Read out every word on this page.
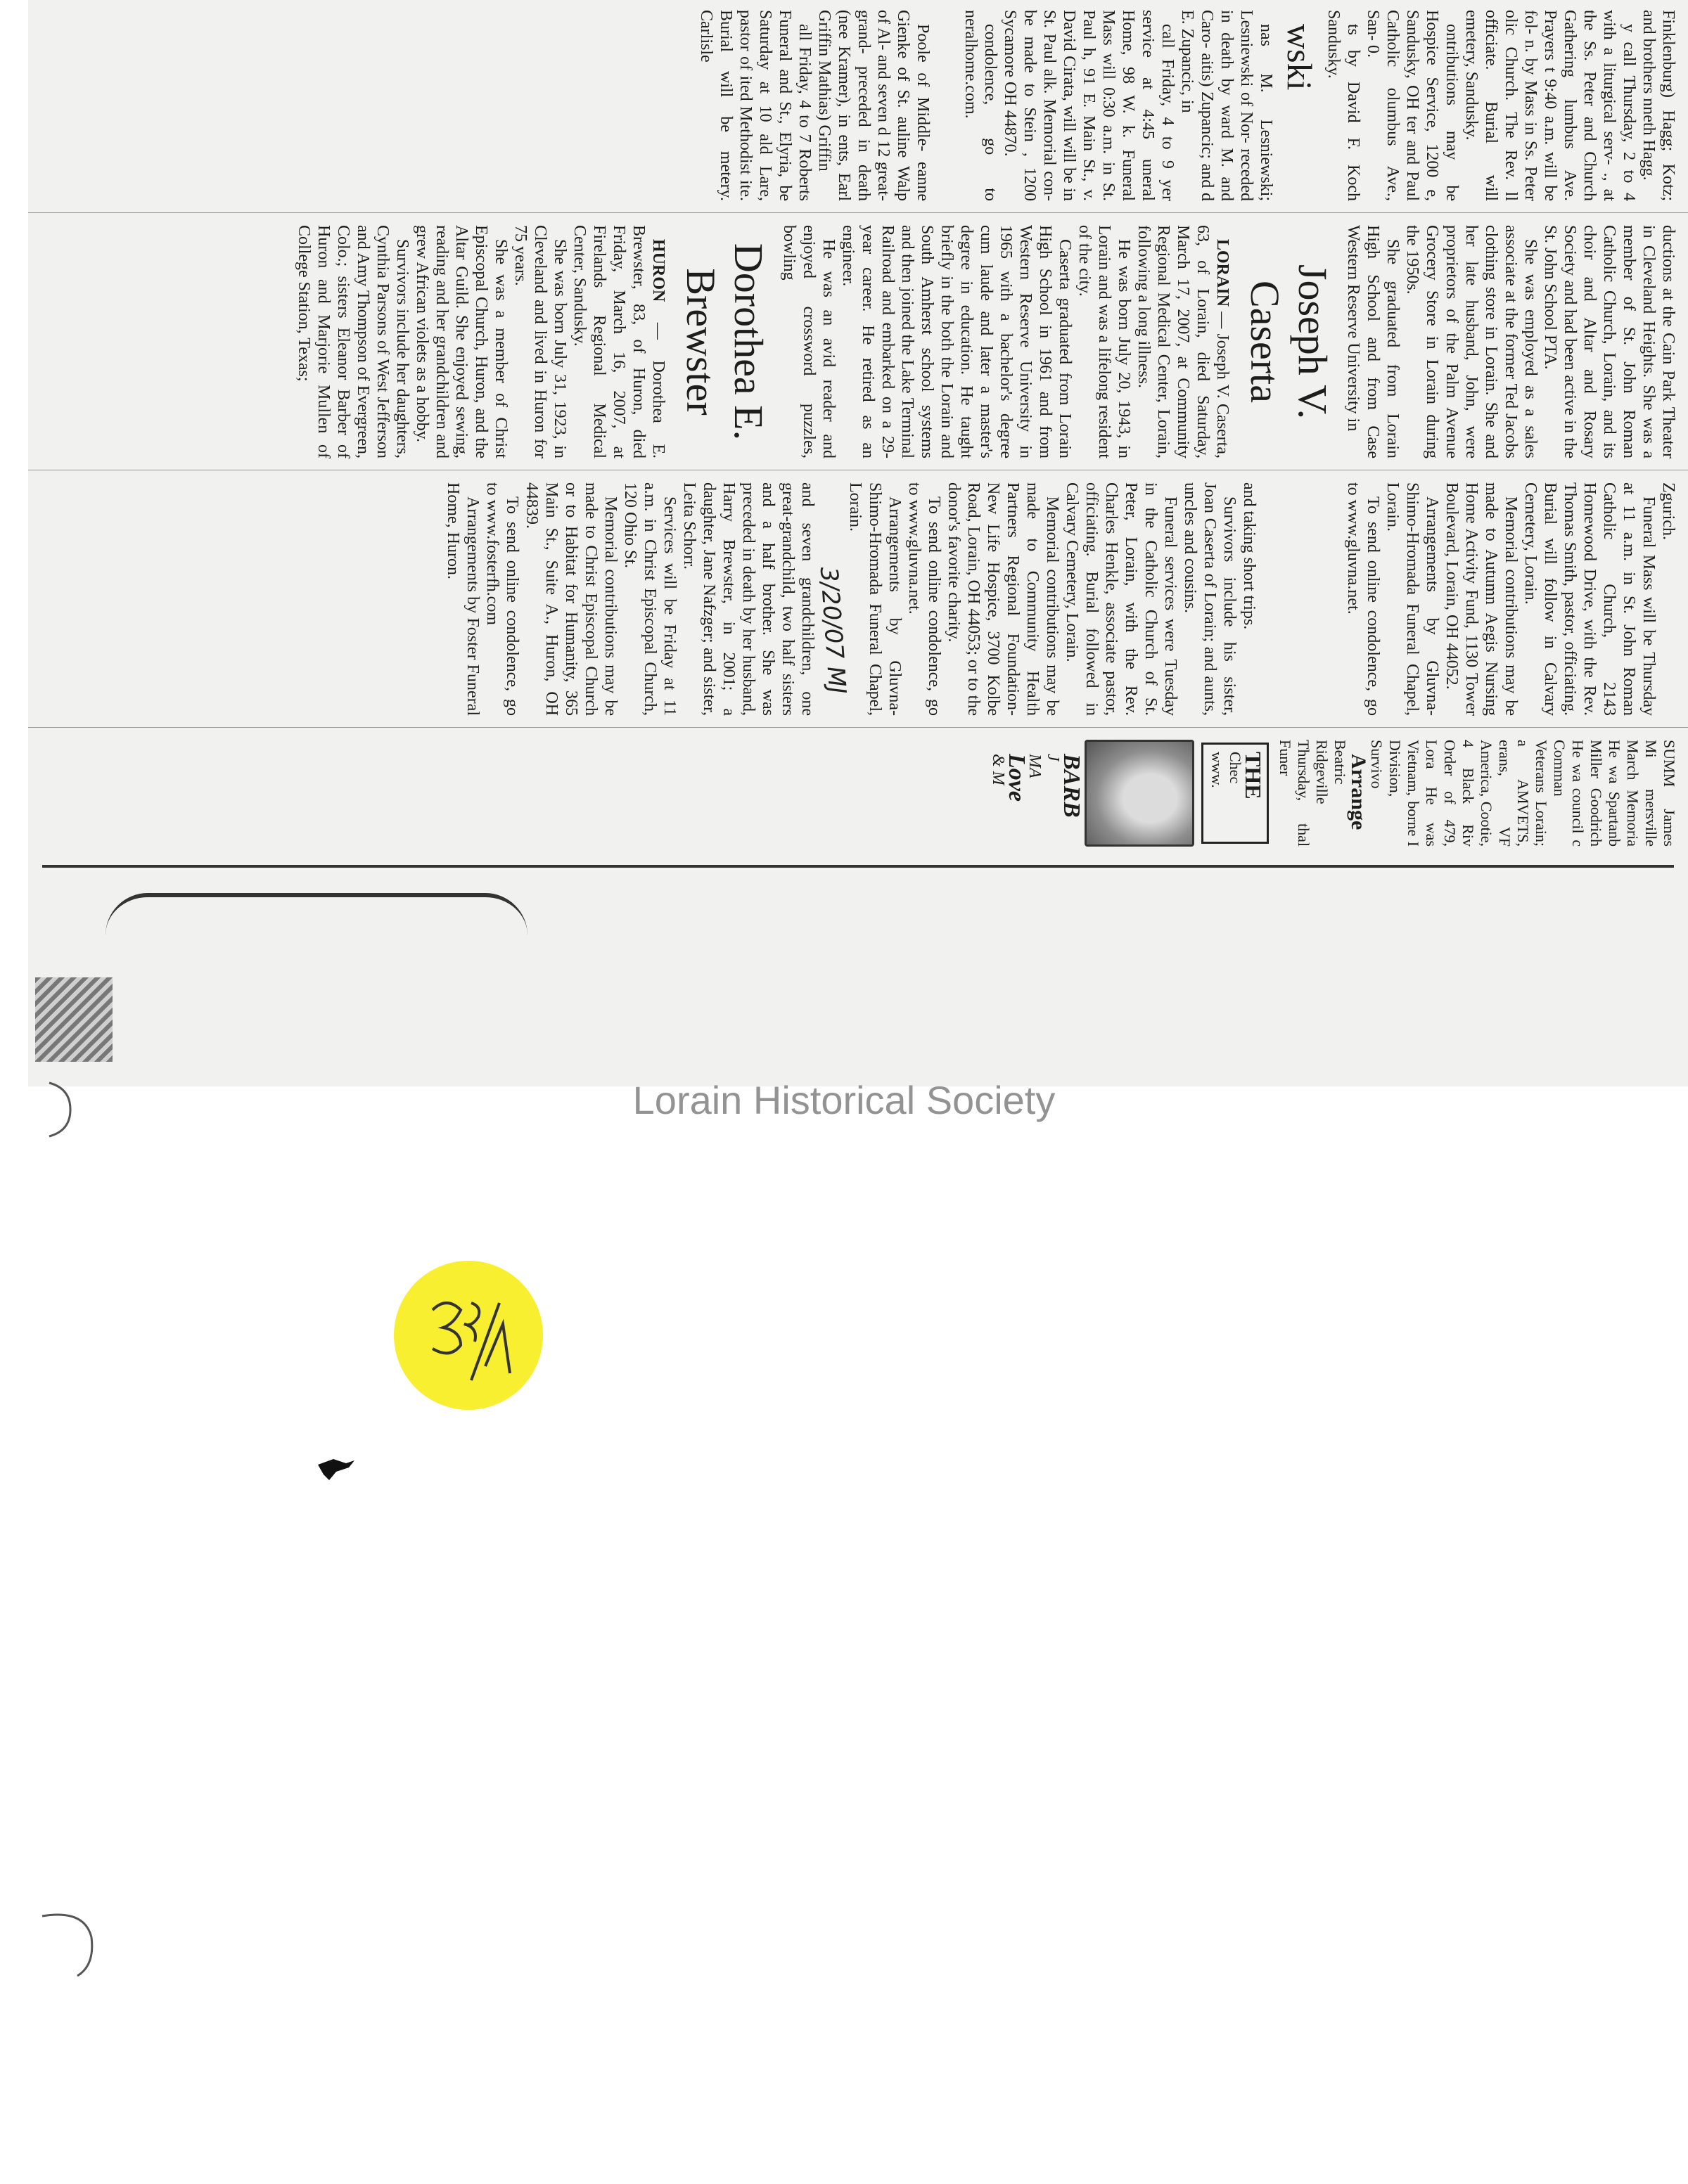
Finklenburg) Hagg; Kotz; and brothers nneth Hagg.

y call Thursday, 2 to 4 with a liturgical serv- ., at the Ss. Peter and Church Gathering lumbus Ave. Prayers t 9:40 a.m. will be fol- n. by Mass in Ss. Peter olic Church. The Rev. ll officiate. Burial will emetery, Sandusky.

ontributions may be Hospice Service, 1200 e, Sandusky, OH ter and Paul Catholic olumbus Ave., San- 0.

ts by David F. Koch Sandusky.

wski

nas M. Lesniewski; Lesniewski of Nor- receded in death by ward M. and Caro- aitis) Zupancic; and d E. Zupancic, in

call Friday, 4 to 9 yer service at 4:45 uneral Home, 98 W. k. Funeral Mass will 0:30 a.m. in St. Paul h, 91 E. Main St., v. David Cirata, will will be in St. Paul alk. Memorial con- be made to Stein , 1200 Sycamore OH 44870.

condolence, go to neralhome.com.

Poole of Middle- eanne Gienke of St. auline Walp of Al- and seven d 12 great-grand- preceded in death (nee Kramer), in ents, Earl Griffin Mathias) Griffin

all Friday, 4 to 7 Roberts Funeral and St., Elyria, be Saturday at 10 ald Lare, pastor of ited Methodist ite. Burial will be metery. Carlisle

ductions at the Cain Park Theater in Cleveland Heights. She was a member of St. John Roman Catholic Church, Lorain, and its choir and Altar and Rosary Society and had been active in the St. John School PTA.

She was employed as a sales associate at the former Ted Jacobs clothing store in Lorain. She and her late husband, John, were proprietors of the Palm Avenue Grocery Store in Lorain during the 1950s.

She graduated from Lorain High School and from Case Western Reserve University in

Joseph V. Caserta

LORAIN — Joseph V. Caserta, 63, of Lorain, died Saturday, March 17, 2007, at Community Regional Medical Center, Lorain, following a long illness.

He was born July 20, 1943, in Lorain and was a lifelong resident of the city.

Caserta graduated from Lorain High School in 1961 and from Western Reserve University in 1965 with a bachelor's degree cum laude and later a master's degree in education. He taught briefly in the both the Lorain and South Amherst school systems and then joined the Lake Terminal Railroad and embarked on a 29-year career. He retired as an engineer.

He was an avid reader and enjoyed crossword puzzles, bowling

Dorothea E. Brewster

HURON — Dorothea E. Brewster, 83, of Huron, died Friday, March 16, 2007, at Firelands Regional Medical Center, Sandusky.

She was born July 31, 1923, in Cleveland and lived in Huron for 75 years.

She was a member of Christ Episcopal Church, Huron, and the Altar Guild. She enjoyed sewing, reading and her grandchildren and grew African violets as a hobby.

Survivors include her daughters, Cynthia Parsons of West Jefferson and Amy Thompson of Evergreen, Colo.; sisters Eleanor Barber of Huron and Marjorie Mullen of College Station, Texas;

Zgurich.

Funeral Mass will be Thursday at 11 a.m. in St. John Roman Catholic Church, 2143 Homewood Drive, with the Rev. Thomas Smith, pastor, officiating. Burial will follow in Calvary Cemetery, Lorain.

Memorial contributions may be made to Autumn Aegis Nursing Home Activity Fund, 1130 Tower Boulevard, Lorain, OH 44052.

Arrangements by Gluvna-Shimo-Hromada Funeral Chapel, Lorain.

To send online condolence, go to www.gluvna.net.

and taking short trips.

Survivors include his sister, Joan Caserta of Lorain; and aunts, uncles and cousins.

Funeral services were Tuesday in the Catholic Church of St. Peter, Lorain, with the Rev. Charles Henkle, associate pastor, officiating. Burial followed in Calvary Cemetery, Lorain.

Memorial contributions may be made to Community Health Partners Regional Foundation-New Life Hospice, 3700 Kolbe Road, Lorain, OH 44053; or to the donor's favorite charity.

To send online condolence, go to www.gluvna.net.

Arrangements by Gluvna-Shimo-Hromada Funeral Chapel, Lorain.

3/20/07 MJ

and seven grandchildren, one great-grandchild, two half sisters and a half brother. She was preceded in death by her husband, Harry Brewster, in 2001; a daughter, Jane Nafzger; and sister, Leita Schorr.

Services will be Friday at 11 a.m. in Christ Episcopal Church, 120 Ohio St.

Memorial contributions may be made to Christ Episcopal Church or to Habitat for Humanity, 365 Main St., Suite A., Huron, OH 44839.

To send online condolence, go to www.fosterfh.com

Arrangements by Foster Funeral Home, Huron.

SUMM James Mi mersville March Memoria He wa Spartanb Miller Goodrich He wa council c Comman Veterans Lorain; a AMVETS, erans, VF America, Cootie, 4 Black Riv Order of 479, Lora He was Vietnam, borne I Division, Survivo

Arrange

Beatric Ridgeville Thursday, thal Funer

THE
Chec
www.

BARB

J

MA

Love

& M

Lorain Historical Society
